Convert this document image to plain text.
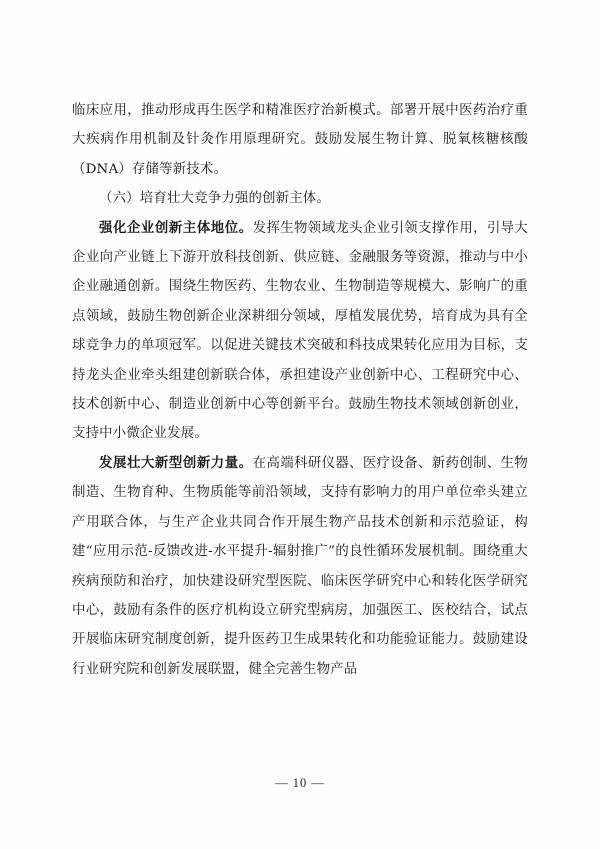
临床应用，推动形成再生医学和精准医疗治新模式。部署开展中医药治疗重大疾病作用机制及针灸作用原理研究。鼓励发展生物计算、脱氧核糖核酸（DNA）存储等新技术。

（六）培育壮大竞争力强的创新主体。

强化企业创新主体地位。发挥生物领域龙头企业引领支撑作用，引导大企业向产业链上下游开放科技创新、供应链、金融服务等资源，推动与中小企业融通创新。围绕生物医药、生物农业、生物制造等规模大、影响广的重点领域，鼓励生物创新企业深耕细分领域，厚植发展优势，培育成为具有全球竞争力的单项冠军。以促进关键技术突破和科技成果转化应用为目标，支持龙头企业牵头组建创新联合体，承担建设产业创新中心、工程研究中心、技术创新中心、制造业创新中心等创新平台。鼓励生物技术领域创新创业，支持中小微企业发展。

发展壮大新型创新力量。在高端科研仪器、医疗设备、新药创制、生物制造、生物育种、生物质能等前沿领域，支持有影响力的用户单位牵头建立产用联合体，与生产企业共同合作开展生物产品技术创新和示范验证，构建“应用示范-反馈改进-水平提升-辐射推广”的良性循环发展机制。围绕重大疾病预防和治疗，加快建设研究型医院、临床医学研究中心和转化医学研究中心，鼓励有条件的医疗机构设立研究型病房，加强医工、医校结合，试点开展临床研究制度创新，提升医药卫生成果转化和功能验证能力。鼓励建设行业研究院和创新发展联盟，健全完善生物产品

— 10 —
